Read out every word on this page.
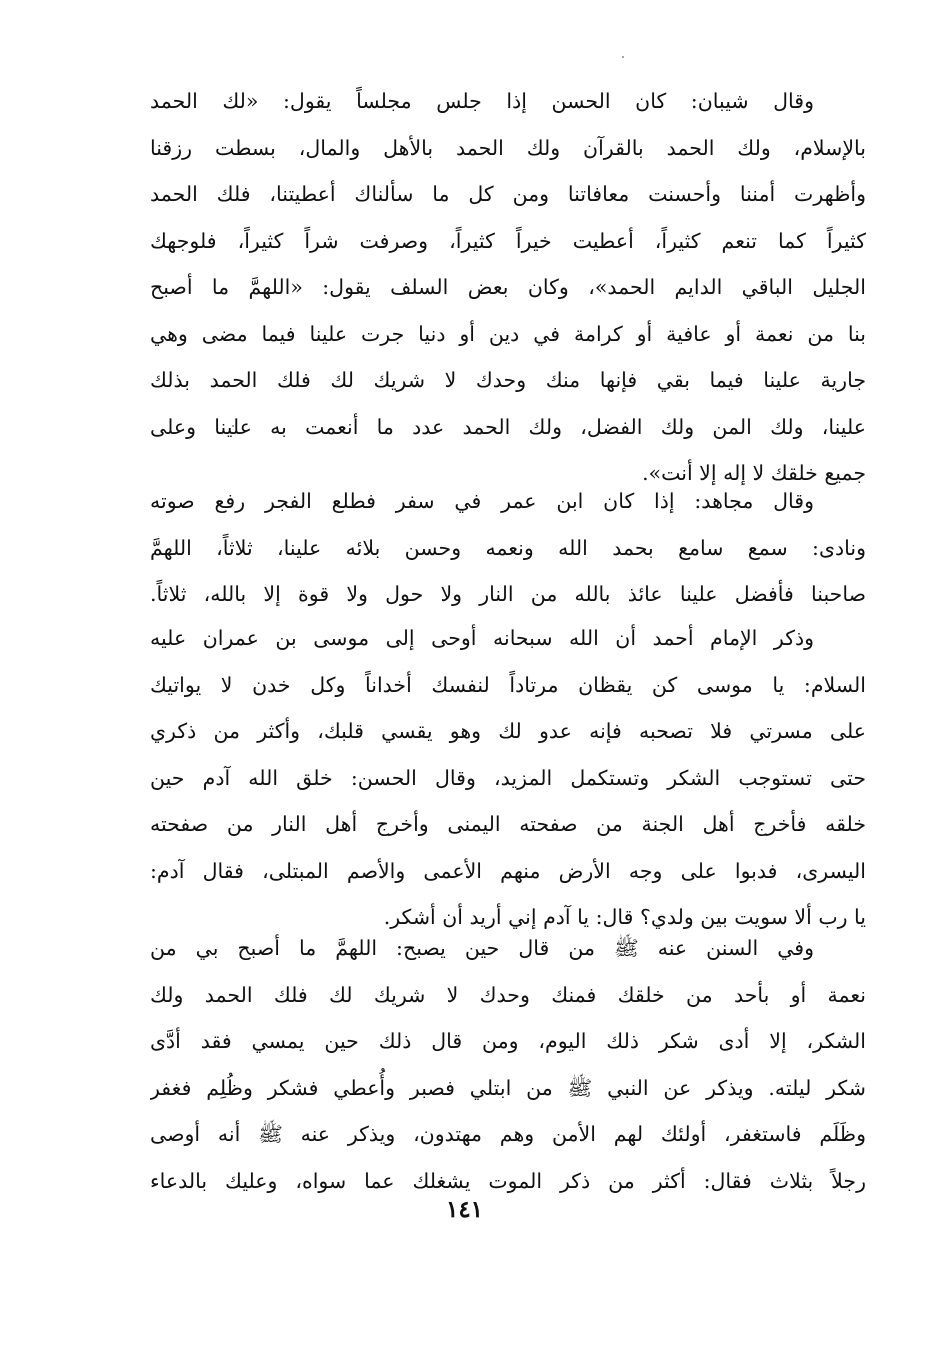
وقال شيبان: كان الحسن إذا جلس مجلساً يقول: «لك الحمد
بالإسلام، ولك الحمد بالقرآن ولك الحمد بالأهل والمال، بسطت رزقنا
وأظهرت أمننا وأحسنت معافاتنا ومن كل ما سألناك أعطيتنا، فلك الحمد
كثيراً كما تنعم كثيراً، أعطيت خيراً كثيراً، وصرفت شراً كثيراً، فلوجهك
الجليل الباقي الدايم الحمد»، وكان بعض السلف يقول: «اللهمَّ ما أصبح
بنا من نعمة أو عافية أو كرامة في دين أو دنيا جرت علينا فيما مضى وهي
جارية علينا فيما بقي فإنها منك وحدك لا شريك لك فلك الحمد بذلك
علينا، ولك المن ولك الفضل، ولك الحمد عدد ما أنعمت به علينا وعلى
جميع خلقك لا إله إلا أنت».
وقال مجاهد: إذا كان ابن عمر في سفر فطلع الفجر رفع صوته
ونادى: سمع سامع بحمد الله ونعمه وحسن بلائه علينا، ثلاثاً، اللهمَّ
صاحبنا فأفضل علينا عائذ بالله من النار ولا حول ولا قوة إلا بالله، ثلاثاً.
وذكر الإمام أحمد أن الله سبحانه أوحى إلى موسى بن عمران عليه
السلام: يا موسى كن يقظان مرتاداً لنفسك أخداناً وكل خدن لا يواتيك
على مسرتي فلا تصحبه فإنه عدو لك وهو يقسي قلبك، وأكثر من ذكري
حتى تستوجب الشكر وتستكمل المزيد، وقال الحسن: خلق الله آدم حين
خلقه فأخرج أهل الجنة من صفحته اليمنى وأخرج أهل النار من صفحته
اليسرى، فدبوا على وجه الأرض منهم الأعمى والأصم المبتلى، فقال آدم:
يا رب ألا سويت بين ولدي؟ قال: يا آدم إني أريد أن أشكر.
وفي السنن عنه ﷺ من قال حين يصبح: اللهمَّ ما أصبح بي من
نعمة أو بأحد من خلقك فمنك وحدك لا شريك لك فلك الحمد ولك
الشكر، إلا أدى شكر ذلك اليوم، ومن قال ذلك حين يمسي فقد أدَّى
شكر ليلته. ويذكر عن النبي ﷺ من ابتلي فصبر وأُعطي فشكر وظُلِم فغفر
وظَلَم فاستغفر، أولئك لهم الأمن وهم مهتدون، ويذكر عنه ﷺ أنه أوصى
رجلاً بثلاث فقال: أكثر من ذكر الموت يشغلك عما سواه، وعليك بالدعاء
١٤١
